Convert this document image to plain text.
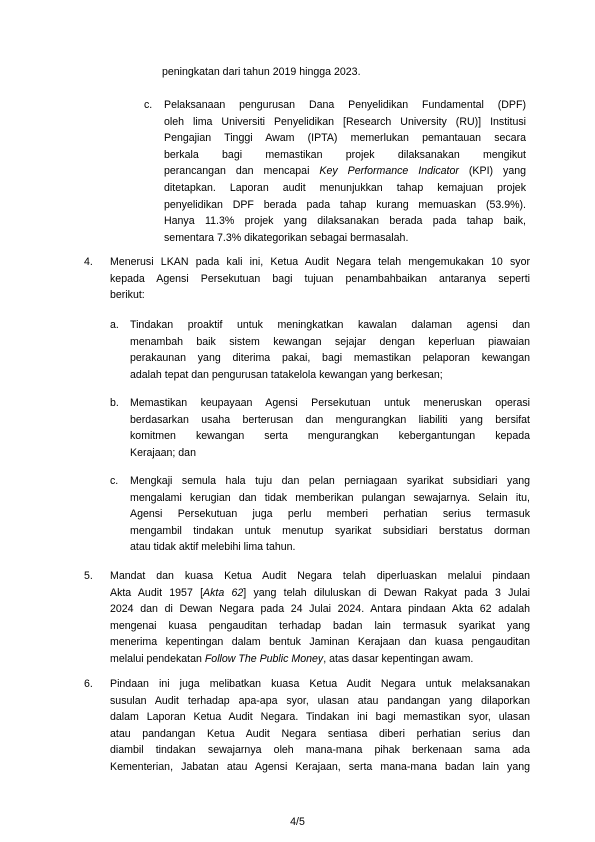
peningkatan dari tahun 2019 hingga 2023.
c. Pelaksanaan pengurusan Dana Penyelidikan Fundamental (DPF)
oleh lima Universiti Penyelidikan [Research University (RU)] Institusi
Pengajian Tinggi Awam (IPTA) memerlukan pemantauan secara
berkala bagi memastikan projek dilaksanakan mengikut
perancangan dan mencapai Key Performance Indicator (KPI) yang
ditetapkan. Laporan audit menunjukkan tahap kemajuan projek
penyelidikan DPF berada pada tahap kurang memuaskan (53.9%).
Hanya 11.3% projek yang dilaksanakan berada pada tahap baik,
sementara 7.3% dikategorikan sebagai bermasalah.
4. Menerusi LKAN pada kali ini, Ketua Audit Negara telah mengemukakan 10 syor
kepada Agensi Persekutuan bagi tujuan penambahbaikan antaranya seperti
berikut:
a. Tindakan proaktif untuk meningkatkan kawalan dalaman agensi dan
menambah baik sistem kewangan sejajar dengan keperluan piawaian
perakaunan yang diterima pakai, bagi memastikan pelaporan kewangan
adalah tepat dan pengurusan tatakelola kewangan yang berkesan;
b. Memastikan keupayaan Agensi Persekutuan untuk meneruskan operasi
berdasarkan usaha berterusan dan mengurangkan liabiliti yang bersifat
komitmen kewangan serta mengurangkan kebergantungan kepada
Kerajaan; dan
c. Mengkaji semula hala tuju dan pelan perniagaan syarikat subsidiari yang
mengalami kerugian dan tidak memberikan pulangan sewajarnya. Selain itu,
Agensi Persekutuan juga perlu memberi perhatian serius termasuk
mengambil tindakan untuk menutup syarikat subsidiari berstatus dorman
atau tidak aktif melebihi lima tahun.
5. Mandat dan kuasa Ketua Audit Negara telah diperluaskan melalui pindaan
Akta Audit 1957 [Akta 62] yang telah diluluskan di Dewan Rakyat pada 3 Julai
2024 dan di Dewan Negara pada 24 Julai 2024. Antara pindaan Akta 62 adalah
mengenai kuasa pengauditan terhadap badan lain termasuk syarikat yang
menerima kepentingan dalam bentuk Jaminan Kerajaan dan kuasa pengauditan
melalui pendekatan Follow The Public Money, atas dasar kepentingan awam.
6. Pindaan ini juga melibatkan kuasa Ketua Audit Negara untuk melaksanakan
susulan Audit terhadap apa-apa syor, ulasan atau pandangan yang dilaporkan
dalam Laporan Ketua Audit Negara. Tindakan ini bagi memastikan syor, ulasan
atau pandangan Ketua Audit Negara sentiasa diberi perhatian serius dan
diambil tindakan sewajarnya oleh mana-mana pihak berkenaan sama ada
Kementerian, Jabatan atau Agensi Kerajaan, serta mana-mana badan lain yang
4/5
